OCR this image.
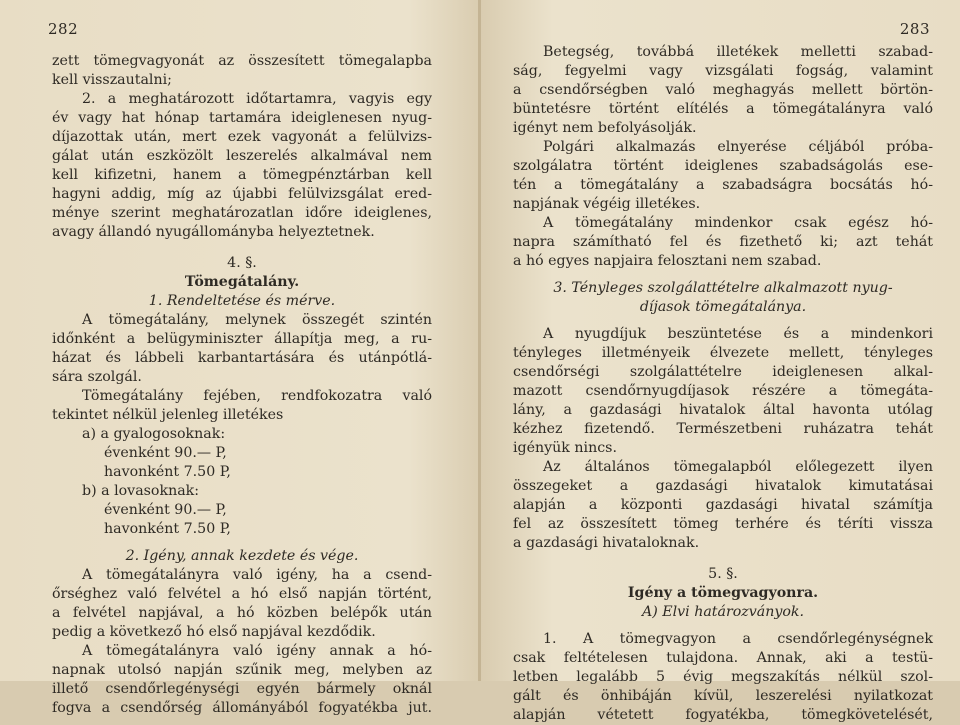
282
zett tömegvagyonát az összesített tömegalapba
kell visszautalni;
2. a meghatározott időtartamra, vagyis egy
év vagy hat hónap tartamára ideiglenesen nyug-
díjazottak után, mert ezek vagyonát a felülvizs-
gálat után eszközölt leszerelés alkalmával nem
kell kifizetni, hanem a tömegpénztárban kell
hagyni addig, míg az újabbi felülvizsgálat ered-
ménye szerint meghatározatlan időre ideiglenes,
avagy állandó nyugállományba helyeztetnek.
4. §.
Tömegátalány.
1. Rendeltetése és mérve.
A tömegátalány, melynek összegét szintén
időnként a belügyminiszter állapítja meg, a ru-
házat és lábbeli karbantartására és utánpótlá-
sára szolgál.
Tömegátalány fejében, rendfokozatra való
tekintet nélkül jelenleg illetékes
a) a gyalogosoknak:
évenként 90.— P,
havonként 7.50 P,
b) a lovasoknak:
évenként 90.— P,
havonként 7.50 P,
2. Igény, annak kezdete és vége.
A tömegátalányra való igény, ha a csend-
őrséghez való felvétel a hó első napján történt,
a felvétel napjával, a hó közben belépők után
pedig a következő hó első napjával kezdődik.
A tömegátalányra való igény annak a hó-
napnak utolsó napján szűnik meg, melyben az
illető csendőrlegénységi egyén bármely oknál
fogva a csendőrség állományából fogyatékba jut.
283
Betegség, továbbá illetékek melletti szabad-
ság, fegyelmi vagy vizsgálati fogság, valamint
a csendőrségben való meghagyás mellett börtön-
büntetésre történt elítélés a tömegátalányra való
igényt nem befolyásolják.
Polgári alkalmazás elnyerése céljából próba-
szolgálatra történt ideiglenes szabadságolás ese-
tén a tömegátalány a szabadságra bocsátás hó-
napjának végéig illetékes.
A tömegátalány mindenkor csak egész hó-
napra számítható fel és fizethető ki; azt tehát
a hó egyes napjaira felosztani nem szabad.
3. Tényleges szolgálattételre alkalmazott nyug-
díjasok tömegátalánya.
A nyugdíjuk beszüntetése és a mindenkori
tényleges illetményeik élvezete mellett, tényleges
csendőrségi szolgálattételre ideiglenesen alkal-
mazott csendőrnyugdíjasok részére a tömegáta-
lány, a gazdasági hivatalok által havonta utólag
kézhez fizetendő. Természetbeni ruházatra tehát
igényük nincs.
Az általános tömegalapból előlegezett ilyen
összegeket a gazdasági hivatalok kimutatásai
alapján a központi gazdasági hivatal számítja
fel az összesített tömeg terhére és téríti vissza
a gazdasági hivataloknak.
5. §.
Igény a tömegvagyonra.
A) Elvi határozványok.
1. A tömegvagyon a csendőrlegénységnek
csak feltételesen tulajdona. Annak, aki a testü-
letben legalább 5 évig megszakítás nélkül szol-
gált és önhibáján kívül, leszerelési nyilatkozat
alapján vétetett fogyatékba, tömegkövetelését,
